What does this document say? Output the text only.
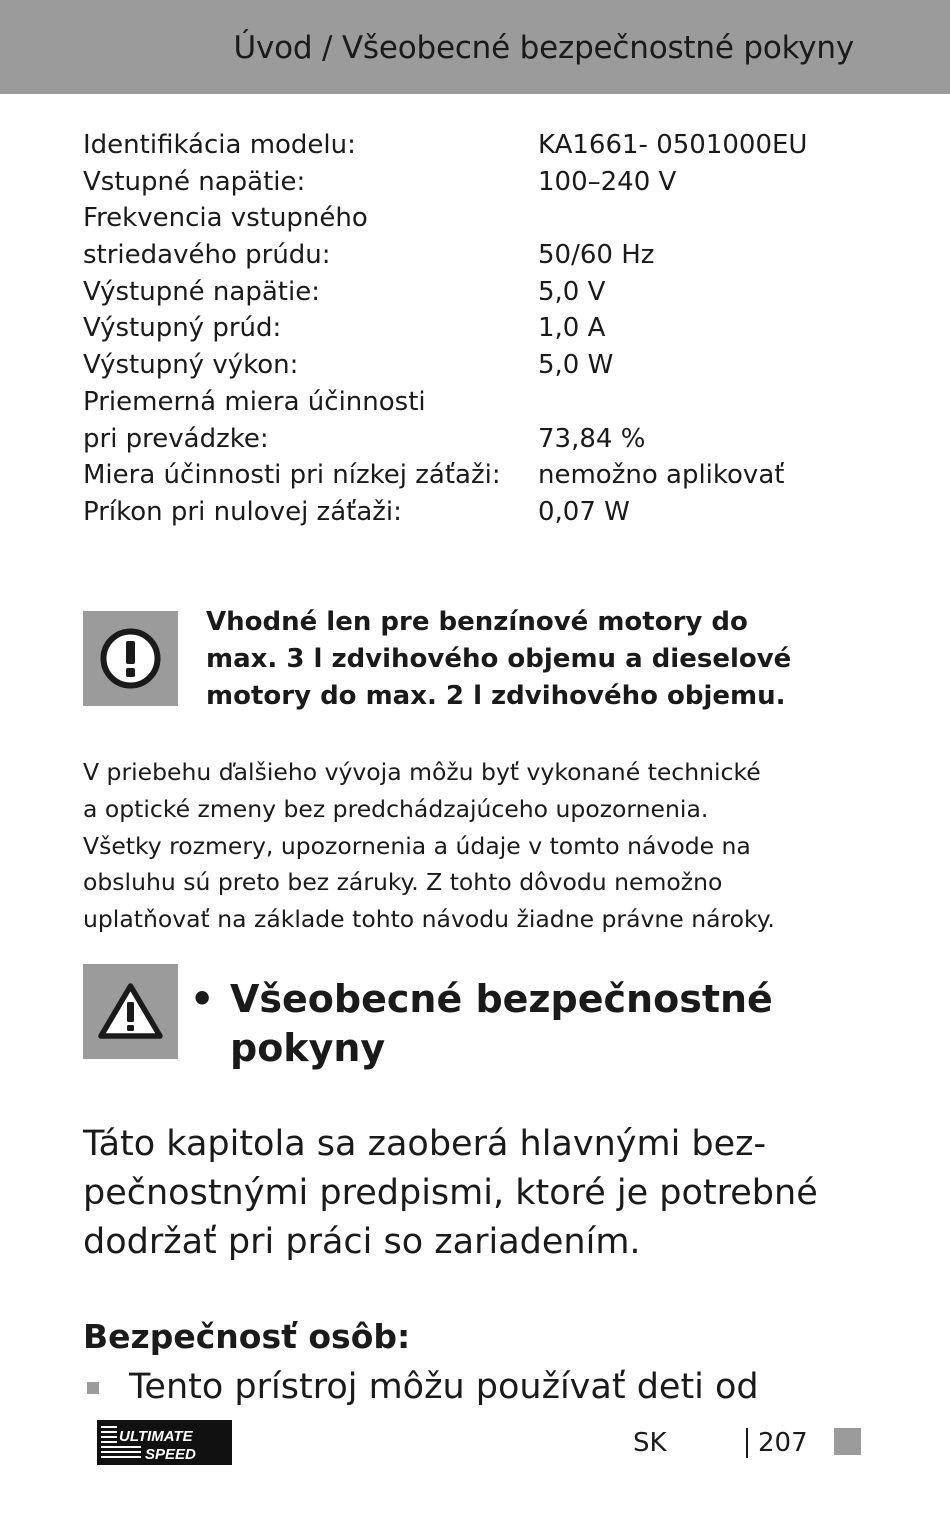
Úvod / Všeobecné bezpečnostné pokyny
Identifikácia modelu:	KA1661- 0501000EU
Vstupné napätie:	100–240 V
Frekvencia vstupného
striedavého prúdu:	50/60 Hz
Výstupné napätie:	5,0 V
Výstupný prúd:	1,0 A
Výstupný výkon:	5,0 W
Priemerná miera účinnosti
pri prevádzke:	73,84 %
Miera účinnosti pri nízkej záťaži: nemožno aplikovať
Príkon pri nulovej záťaži:	0,07 W
Vhodné len pre benzínové motory do
max. 3 l zdvihového objemu a dieselové
motory do max. 2 l zdvihového objemu.
V priebehu ďalšieho vývoja môžu byť vykonané technické
a optické zmeny bez predchádzajúceho upozornenia.
Všetky rozmery, upozornenia a údaje v tomto návode na
obsluhu sú preto bez záruky. Z tohto dôvodu nemožno
uplatňovať na základe tohto návodu žiadne právne nároky.
• Všeobecné bezpečnostné
pokyny
Táto kapitola sa zaoberá hlavnými bez-
pečnostnými predpismi, ktoré je potrebné
dodržať pri práci so zariadením.
Bezpečnosť osôb:
Tento prístroj môžu používať deti od
ULTIMATE
SPEED	SK	207
